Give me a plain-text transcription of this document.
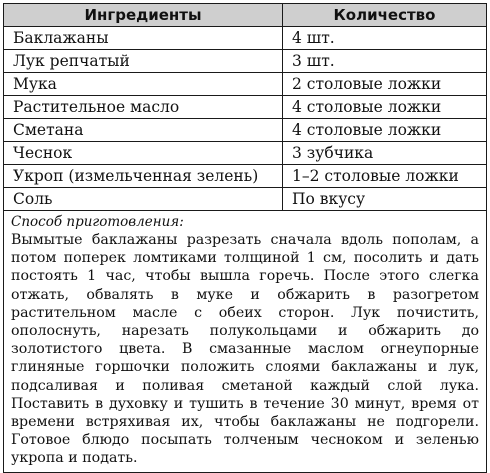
Ингредиенты	Количество
Баклажаны	4 шт.
Лук репчатый	3 шт.
Мука	2 столовые ложки
Растительное масло	4 столовые ложки
Сметана	4 столовые ложки
Чеснок	3 зубчика
Укроп (измельченная зелень)	1–2 столовые ложки
Соль	По вкусу

Способ приготовления:
Вымытые баклажаны разрезать сначала вдоль пополам, а потом поперек ломтиками толщиной 1 см, посолить и дать постоять 1 час, чтобы вышла горечь. После этого слегка отжать, обвалять в муке и обжарить в разогретом растительном масле с обеих сторон. Лук почистить, ополоснуть, нарезать полукольцами и обжарить до золотистого цвета. В смазанные маслом огнеупорные глиняные горшочки положить слоями баклажаны и лук, подсаливая и поливая сметаной каждый слой лука. Поставить в духовку и тушить в течение 30 минут, время от времени встряхивая их, чтобы баклажаны не подгорели. Готовое блюдо посыпать толченым чесноком и зеленью укропа и подать.	
